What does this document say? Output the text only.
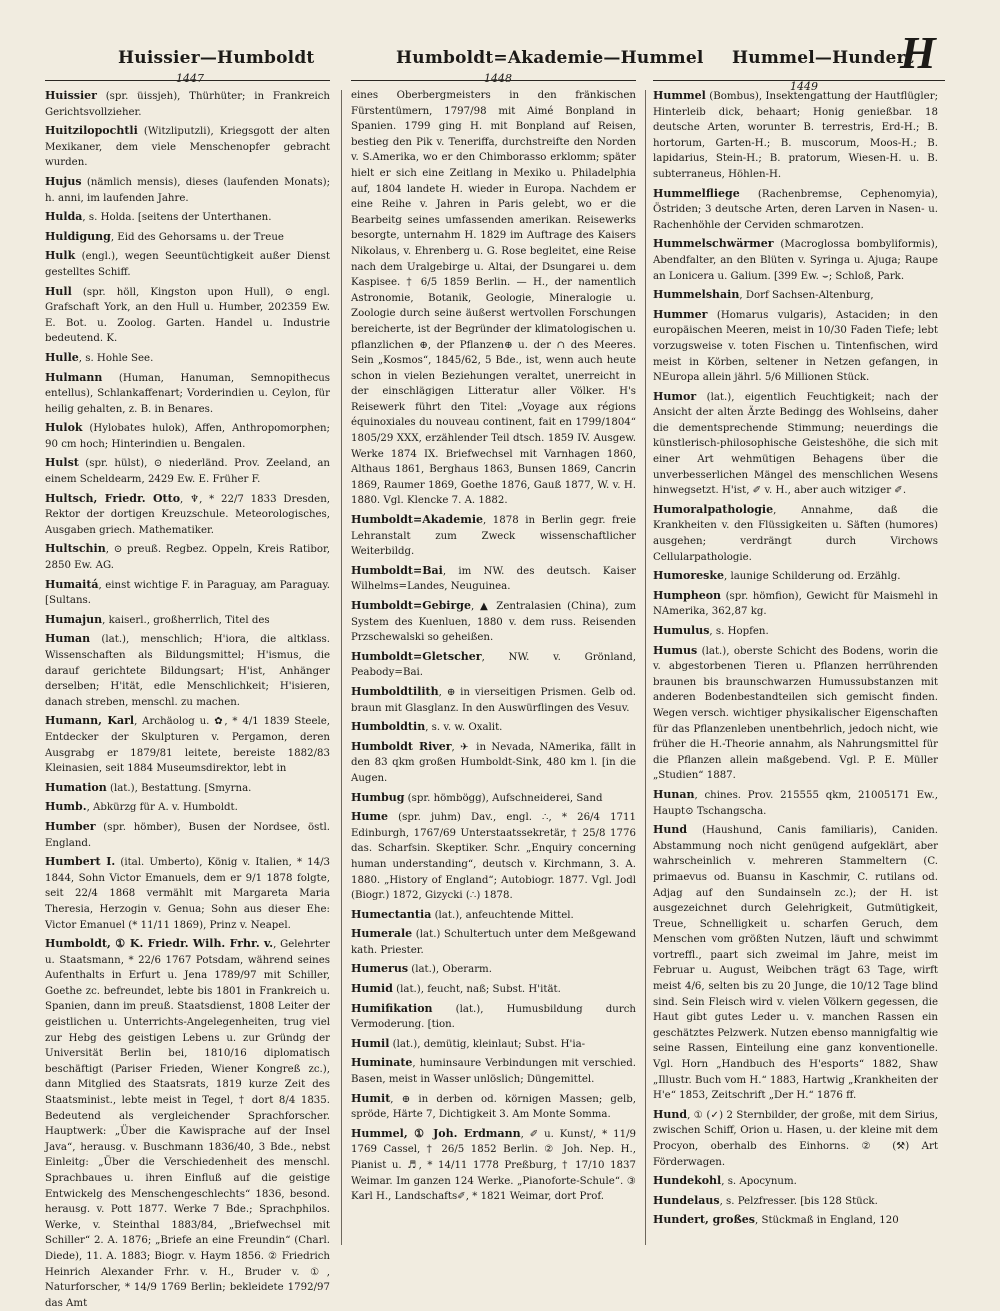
Huissier—Humboldt
1447
Humboldt=Akademie—Hummel
1448
Hummel—Hundert
1449
H

Huissier (spr. üissjeh), Thürhüter; in Frankreich Gerichtsvollzieher.

Huitzilopochtli (Witzliputzli), Kriegsgott der alten Mexikaner, dem viele Menschenopfer gebracht wurden.

Hujus (nämlich mensis), dieses (laufenden Monats); h. anni, im laufenden Jahre.

Hulda, s. Holda. [seitens der Unterthanen.

Huldigung, Eid des Gehorsams u. der Treue

Hulk (engl.), wegen Seeuntüchtigkeit außer Dienst gestelltes Schiff.

Hull (spr. höll, Kingston upon Hull), ⊙ engl. Grafschaft York, an den Hull u. Humber, 202359 Ew. E. Bot. u. Zoolog. Garten. Handel u. Industrie bedeutend. K.

Hulle, s. Hohle See.

Hulmann (Human, Hanuman, Semnopithecus entellus), Schlankaffenart; Vorderindien u. Ceylon, für heilig gehalten, z. B. in Benares.

Hulok (Hylobates hulok), Affen, Anthropomorphen; 90 cm hoch; Hinterindien u. Bengalen.

Hulst (spr. hülst), ⊙ niederländ. Prov. Zeeland, an einem Scheldearm, 2429 Ew. E. Früher F.

Hultsch, Friedr. Otto, ♆, * 22/7 1833 Dresden, Rektor der dortigen Kreuzschule. Meteorologisches, Ausgaben griech. Mathematiker.

Hultschin, ⊙ preuß. Regbez. Oppeln, Kreis Ratibor, 2850 Ew. AG.

Humaitá, einst wichtige F. in Paraguay, am Paraguay. [Sultans.

Humajun, kaiserl., großherrlich, Titel des

Human (lat.), menschlich; H'iora, die altklass. Wissenschaften als Bildungsmittel; H'ismus, die darauf gerichtete Bildungsart; H'ist, Anhänger derselben; H'ität, edle Menschlichkeit; H'isieren, danach streben, menschl. zu machen.

Humann, Karl, Archäolog u. ✿, * 4/1 1839 Steele, Entdecker der Skulpturen v. Pergamon, deren Ausgrabg er 1879/81 leitete, bereiste 1882/83 Kleinasien, seit 1884 Museumsdirektor, lebt in

Humation (lat.), Bestattung. [Smyrna.

Humb., Abkürzg für A. v. Humboldt.

Humber (spr. hömber), Busen der Nordsee, östl. England.

Humbert I. (ital. Umberto), König v. Italien, * 14/3 1844, Sohn Victor Emanuels, dem er 9/1 1878 folgte, seit 22/4 1868 vermählt mit Margareta Maria Theresia, Herzogin v. Genua; Sohn aus dieser Ehe: Victor Emanuel (* 11/11 1869), Prinz v. Neapel.

Humboldt, ① K. Friedr. Wilh. Frhr. v., Gelehrter u. Staatsmann, * 22/6 1767 Potsdam, während seines Aufenthalts in Erfurt u. Jena 1789/97 mit Schiller, Goethe zc. befreundet, lebte bis 1801 in Frankreich u. Spanien, dann im preuß. Staatsdienst, 1808 Leiter der geistlichen u. Unterrichts-Angelegenheiten, trug viel zur Hebg des geistigen Lebens u. zur Gründg der Universität Berlin bei, 1810/16 diplomatisch beschäftigt (Pariser Frieden, Wiener Kongreß zc.), dann Mitglied des Staatsrats, 1819 kurze Zeit des Staatsminist., lebte meist in Tegel, † dort 8/4 1835. Bedeutend als vergleichender Sprachforscher. Hauptwerk: „Über die Kawisprache auf der Insel Java“, herausg. v. Buschmann 1836/40, 3 Bde., nebst Einleitg: „Über die Verschiedenheit des menschl. Sprachbaues u. ihren Einfluß auf die geistige Entwickelg des Menschengeschlechts“ 1836, besond. herausg. v. Pott 1877. Werke 7 Bde.; Sprachphilos. Werke, v. Steinthal 1883/84, „Briefwechsel mit Schiller“ 2. A. 1876; „Briefe an eine Freundin“ (Charl. Diede), 11. A. 1883; Biogr. v. Haym 1856. ② Friedrich Heinrich Alexander Frhr. v. H., Bruder v. ①, Naturforscher, * 14/9 1769 Berlin; bekleidete 1792/97 das Amt

eines Oberbergmeisters in den fränkischen Fürstentümern, 1797/98 mit Aimé Bonpland in Spanien. 1799 ging H. mit Bonpland auf Reisen, bestieg den Pik v. Teneriffa, durchstreifte den Norden v. S.Amerika, wo er den Chimborasso erklomm; später hielt er sich eine Zeitlang in Mexiko u. Philadelphia auf, 1804 landete H. wieder in Europa. Nachdem er eine Reihe v. Jahren in Paris gelebt, wo er die Bearbeitg seines umfassenden amerikan. Reisewerks besorgte, unternahm H. 1829 im Auftrage des Kaisers Nikolaus, v. Ehrenberg u. G. Rose begleitet, eine Reise nach dem Uralgebirge u. Altai, der Dsungarei u. dem Kaspisee. † 6/5 1859 Berlin. — H., der namentlich Astronomie, Botanik, Geologie, Mineralogie u. Zoologie durch seine äußerst wertvollen Forschungen bereicherte, ist der Begründer der klimatologischen u. pflanzlichen ⊕, der Pflanzen⊕ u. der ∩ des Meeres. Sein „Kosmos“, 1845/62, 5 Bde., ist, wenn auch heute schon in vielen Beziehungen veraltet, unerreicht in der einschlägigen Litteratur aller Völker. H's Reisewerk führt den Titel: „Voyage aux régions équinoxiales du nouveau continent, fait en 1799/1804“ 1805/29 XXX, erzählender Teil dtsch. 1859 IV. Ausgew. Werke 1874 IX. Briefwechsel mit Varnhagen 1860, Althaus 1861, Berghaus 1863, Bunsen 1869, Cancrin 1869, Raumer 1869, Goethe 1876, Gauß 1877, W. v. H. 1880. Vgl. Klencke 7. A. 1882.

Humboldt=Akademie, 1878 in Berlin gegr. freie Lehranstalt zum Zweck wissenschaftlicher Weiterbildg.

Humboldt=Bai, im NW. des deutsch. Kaiser Wilhelms=Landes, Neuguinea.

Humboldt=Gebirge, ▲ Zentralasien (China), zum System des Kuenluen, 1880 v. dem russ. Reisenden Przschewalski so geheißen.

Humboldt=Gletscher, NW. v. Grönland, Peabody=Bai.

Humboldtilith, ⊕ in vierseitigen Prismen. Gelb od. braun mit Glasglanz. In den Auswürflingen des Vesuv.

Humboldtin, s. v. w. Oxalit.

Humboldt River, ✈ in Nevada, NAmerika, fällt in den 83 qkm großen Humboldt-Sink, 480 km l. [in die Augen.

Humbug (spr. hömbögg), Aufschneiderei, Sand

Hume (spr. juhm) Dav., engl. ∴, * 26/4 1711 Edinburgh, 1767/69 Unterstaatssekretär, † 25/8 1776 das. Scharfsin. Skeptiker. Schr. „Enquiry concerning human understanding“, deutsch v. Kirchmann, 3. A. 1880. „History of England“; Autobiogr. 1877. Vgl. Jodl (Biogr.) 1872, Gizycki (∴) 1878.

Humectantia (lat.), anfeuchtende Mittel.

Humerale (lat.) Schultertuch unter dem Meßgewand kath. Priester.

Humerus (lat.), Oberarm.

Humid (lat.), feucht, naß; Subst. H'ität.

Humifikation (lat.), Humusbildung durch Vermoderung. [tion.

Humil (lat.), demütig, kleinlaut; Subst. H'ia-

Huminate, huminsaure Verbindungen mit verschied. Basen, meist in Wasser unlöslich; Düngemittel.

Humit, ⊕ in derben od. körnigen Massen; gelb, spröde, Härte 7, Dichtigkeit 3. Am Monte Somma.

Hummel, ① Joh. Erdmann, ✐ u. Kunst/, * 11/9 1769 Cassel, † 26/5 1852 Berlin. ② Joh. Nep. H., Pianist u. ♬, * 14/11 1778 Preßburg, † 17/10 1837 Weimar. Im ganzen 124 Werke. „Pianoforte-Schule“. ③ Karl H., Landschafts✐, * 1821 Weimar, dort Prof.

Hummel (Bombus), Insektengattung der Hautflügler; Hinterleib dick, behaart; Honig genießbar. 18 deutsche Arten, worunter B. terrestris, Erd-H.; B. hortorum, Garten-H.; B. muscorum, Moos-H.; B. lapidarius, Stein-H.; B. pratorum, Wiesen-H. u. B. subterraneus, Höhlen-H.

Hummelfliege (Rachenbremse, Cephenomyia), Östriden; 3 deutsche Arten, deren Larven in Nasen- u. Rachenhöhle der Cerviden schmarotzen.

Hummelschwärmer (Macroglossa bombyliformis), Abendfalter, an den Blüten v. Syringa u. Ajuga; Raupe an Lonicera u. Galium. [399 Ew. ⌣; Schloß, Park.

Hummelshain, Dorf Sachsen-Altenburg,

Hummer (Homarus vulgaris), Astaciden; in den europäischen Meeren, meist in 10/30 Faden Tiefe; lebt vorzugsweise v. toten Fischen u. Tintenfischen, wird meist in Körben, seltener in Netzen gefangen, in NEuropa allein jährl. 5/6 Millionen Stück.

Humor (lat.), eigentlich Feuchtigkeit; nach der Ansicht der alten Ärzte Bedingg des Wohlseins, daher die dementsprechende Stimmung; neuerdings die künstlerisch-philosophische Geisteshöhe, die sich mit einer Art wehmütigen Behagens über die unverbesserlichen Mängel des menschlichen Wesens hinwegsetzt. H'ist, ✐ v. H., aber auch witziger ✐.

Humoralpathologie, Annahme, daß die Krankheiten v. den Flüssigkeiten u. Säften (humores) ausgehen; verdrängt durch Virchows Cellularpathologie.

Humoreske, launige Schilderung od. Erzählg.

Humpheon (spr. hömfion), Gewicht für Maismehl in NAmerika, 362,87 kg.

Humulus, s. Hopfen.

Humus (lat.), oberste Schicht des Bodens, worin die v. abgestorbenen Tieren u. Pflanzen herrührenden braunen bis braunschwarzen Humussubstanzen mit anderen Bodenbestandteilen sich gemischt finden. Wegen versch. wichtiger physikalischer Eigenschaften für das Pflanzenleben unentbehrlich, jedoch nicht, wie früher die H.-Theorie annahm, als Nahrungsmittel für die Pflanzen allein maßgebend. Vgl. P. E. Müller „Studien“ 1887.

Hunan, chines. Prov. 215555 qkm, 21005171 Ew., Haupt⊙ Tschangscha.

Hund (Haushund, Canis familiaris), Caniden. Abstammung noch nicht genügend aufgeklärt, aber wahrscheinlich v. mehreren Stammeltern (C. primaevus od. Buansu in Kaschmir, C. rutilans od. Adjag auf den Sundainseln zc.); der H. ist ausgezeichnet durch Gelehrigkeit, Gutmütigkeit, Treue, Schnelligkeit u. scharfen Geruch, dem Menschen vom größten Nutzen, läuft und schwimmt vortreffl., paart sich zweimal im Jahre, meist im Februar u. August, Weibchen trägt 63 Tage, wirft meist 4/6, selten bis zu 20 Junge, die 10/12 Tage blind sind. Sein Fleisch wird v. vielen Völkern gegessen, die Haut gibt gutes Leder u. v. manchen Rassen ein geschätztes Pelzwerk. Nutzen ebenso mannigfaltig wie seine Rassen, Einteilung eine ganz konventionelle. Vgl. Horn „Handbuch des H'esports“ 1882, Shaw „Illustr. Buch vom H.“ 1883, Hartwig „Krankheiten der H'e“ 1853, Zeitschrift „Der H.“ 1876 ff.

Hund, ① (✓) 2 Sternbilder, der große, mit dem Sirius, zwischen Schiff, Orion u. Hasen, u. der kleine mit dem Procyon, oberhalb des Einhorns. ② (⚒) Art Förderwagen.

Hundekohl, s. Apocynum.

Hundelaus, s. Pelzfresser. [bis 128 Stück.

Hundert, großes, Stückmaß in England, 120
